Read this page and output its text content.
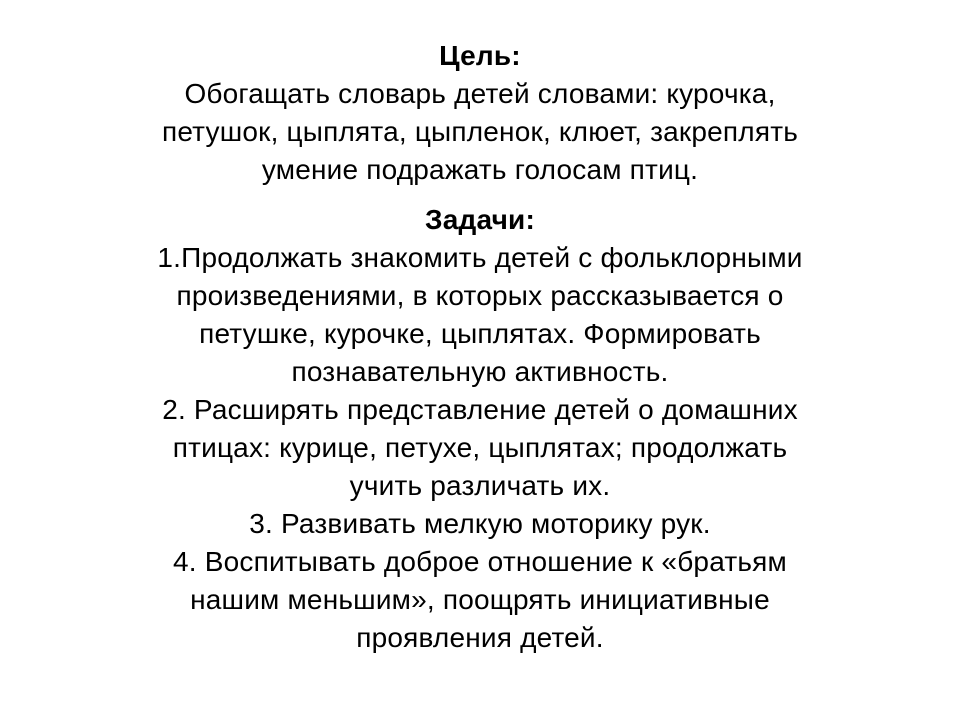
Цель:
Обогащать словарь детей словами: курочка,
петушок, цыплята, цыпленок, клюет, закреплять
умение подражать голосам птиц.
Задачи:
1.Продолжать знакомить детей с фольклорными
произведениями, в которых рассказывается о
петушке, курочке, цыплятах. Формировать
познавательную активность.
2. Расширять представление детей о домашних
птицах: курице, петухе, цыплятах; продолжать
учить различать их.
3. Развивать мелкую моторику рук.
4. Воспитывать доброе отношение к «братьям
нашим меньшим», поощрять инициативные
проявления детей.
